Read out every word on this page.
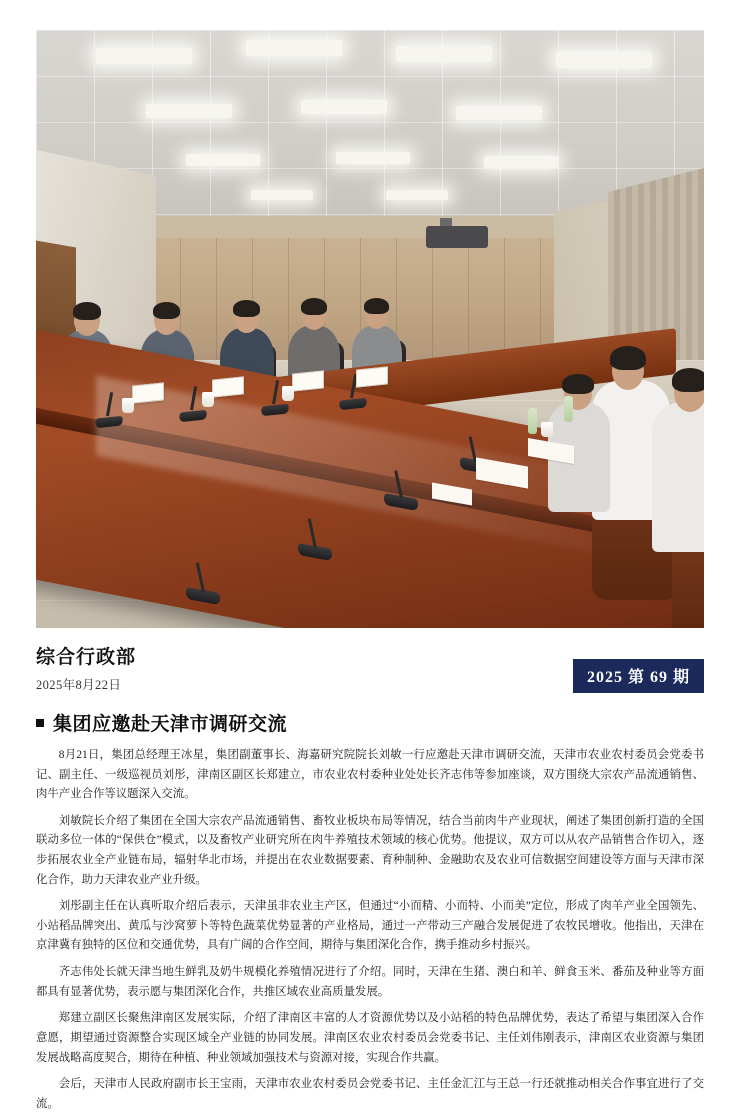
综合行政部
2025年8月22日	2025 第 69 期
集团应邀赴天津市调研交流

8月21日，集团总经理王冰星，集团副董事长、海嘉研究院院长刘敏一行应邀赴天津市调研交流，天津市农业农村委员会党委书记、副主任、一级巡视员刘彤，津南区副区长郑建立，市农业农村委种业处处长齐志伟等参加座谈，双方围绕大宗农产品流通销售、肉牛产业合作等议题深入交流。

刘敏院长介绍了集团在全国大宗农产品流通销售、畜牧业板块布局等情况，结合当前肉牛产业现状，阐述了集团创新打造的全国联动多位一体的“保供仓”模式，以及畜牧产业研究所在肉牛养殖技术领域的核心优势。他提议，双方可以从农产品销售合作切入，逐步拓展农业全产业链布局，辐射华北市场，并提出在农业数据要素、育种制种、金融助农及农业可信数据空间建设等方面与天津市深化合作，助力天津农业产业升级。

刘彤副主任在认真听取介绍后表示，天津虽非农业主产区，但通过“小而精、小而特、小而美”定位，形成了肉羊产业全国领先、小站稻品牌突出、黄瓜与沙窝萝卜等特色蔬菜优势显著的产业格局，通过一产带动三产融合发展促进了农牧民增收。他指出，天津在京津冀有独特的区位和交通优势，具有广阔的合作空间，期待与集团深化合作，携手推动乡村振兴。

齐志伟处长就天津当地生鲜乳及奶牛规模化养殖情况进行了介绍。同时，天津在生猪、澳白和羊、鲜食玉米、番茄及种业等方面都具有显著优势，表示愿与集团深化合作，共推区域农业高质量发展。

郑建立副区长聚焦津南区发展实际，介绍了津南区丰富的人才资源优势以及小站稻的特色品牌优势，表达了希望与集团深入合作意愿，期望通过资源整合实现区域全产业链的协同发展。津南区农业农村委员会党委书记、主任刘伟刚表示，津南区农业资源与集团发展战略高度契合，期待在种植、种业领域加强技术与资源对接，实现合作共赢。

会后，天津市人民政府副市长王宝雨，天津市农业农村委员会党委书记、主任金汇江与王总一行还就推动相关合作事宜进行了交流。
